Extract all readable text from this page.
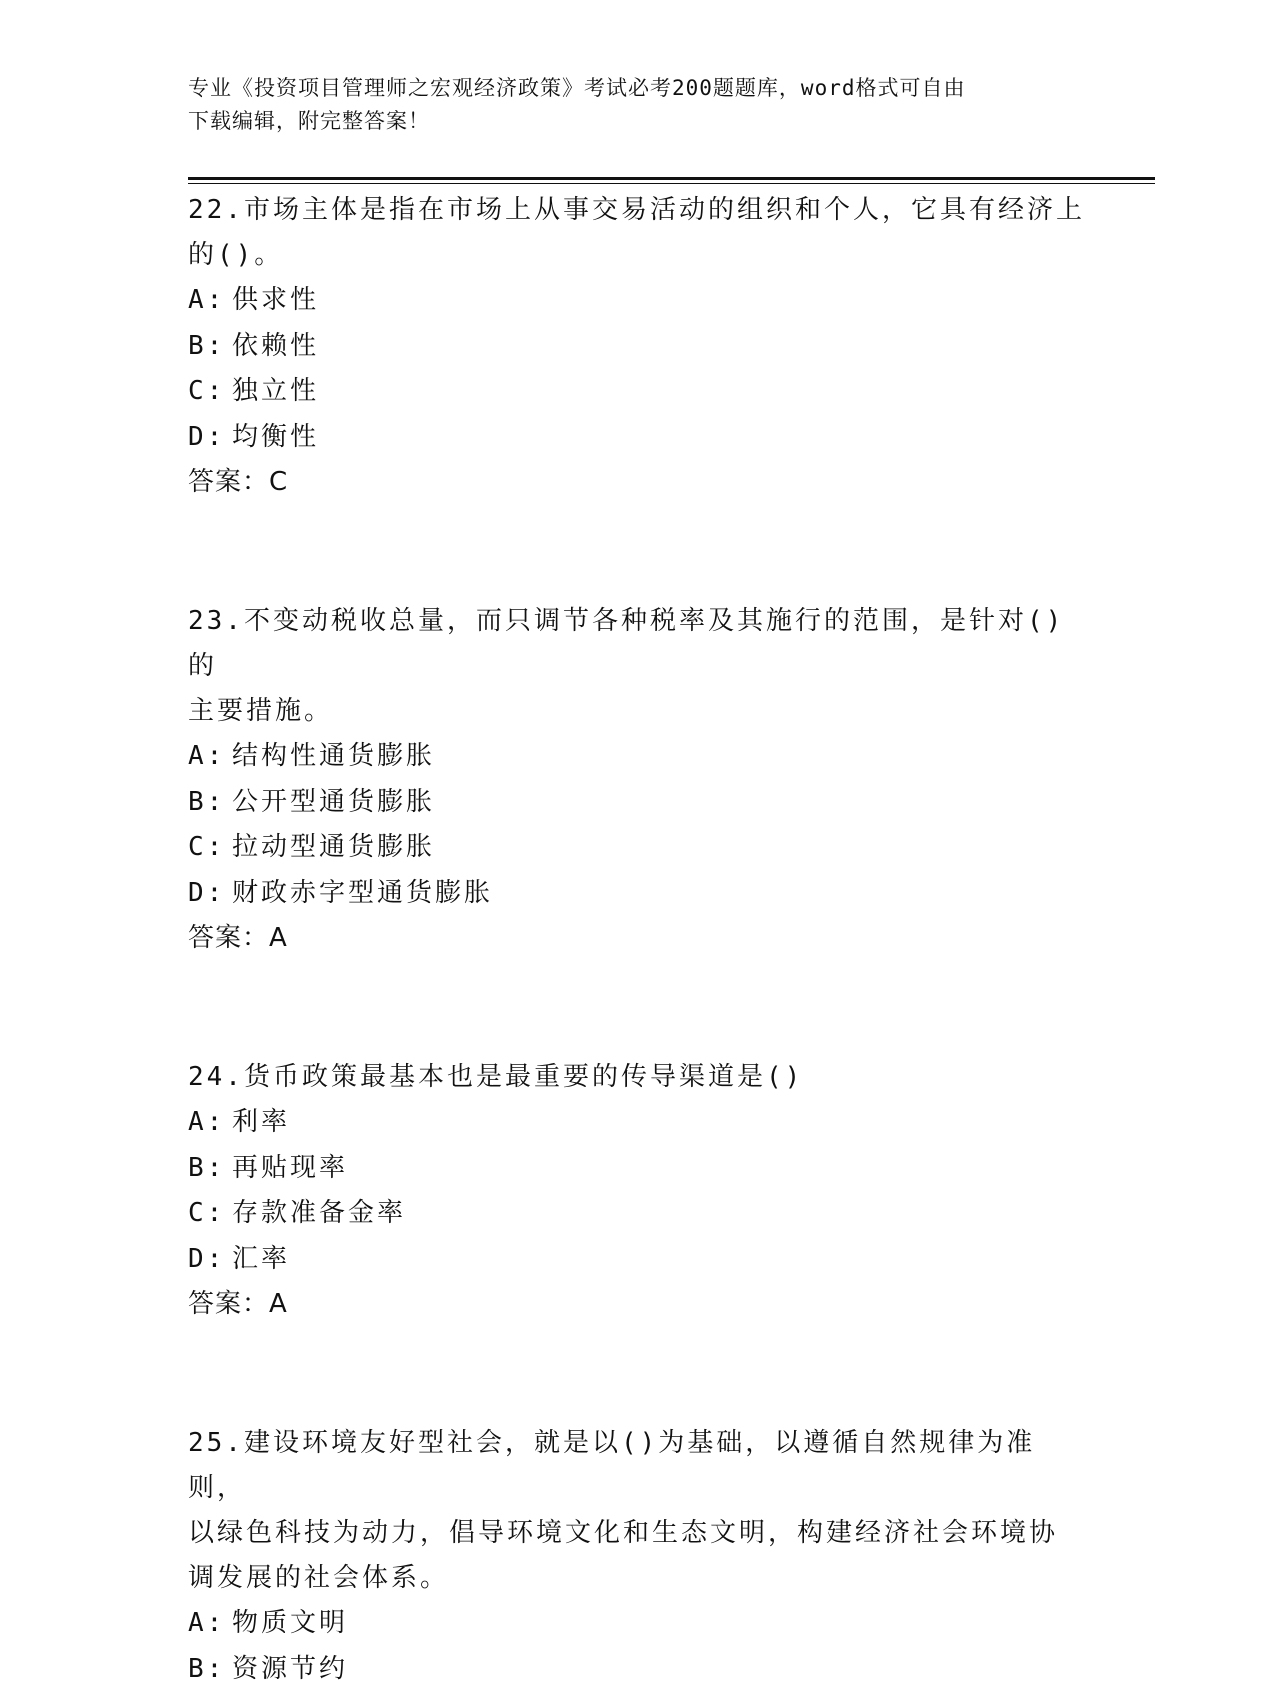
专业《投资项目管理师之宏观经济政策》考试必考200题题库，word格式可自由
下载编辑，附完整答案！
22.市场主体是指在市场上从事交易活动的组织和个人，它具有经济上
的()。
A: 供求性
B: 依赖性
C: 独立性
D: 均衡性
答案：C
23.不变动税收总量，而只调节各种税率及其施行的范围，是针对()的
主要措施。
A: 结构性通货膨胀
B: 公开型通货膨胀
C: 拉动型通货膨胀
D: 财政赤字型通货膨胀
答案：A
24.货币政策最基本也是最重要的传导渠道是()
A: 利率
B: 再贴现率
C: 存款准备金率
D: 汇率
答案：A
25.建设环境友好型社会，就是以()为基础，以遵循自然规律为准则，
以绿色科技为动力，倡导环境文化和生态文明，构建经济社会环境协
调发展的社会体系。
A: 物质文明
B: 资源节约
